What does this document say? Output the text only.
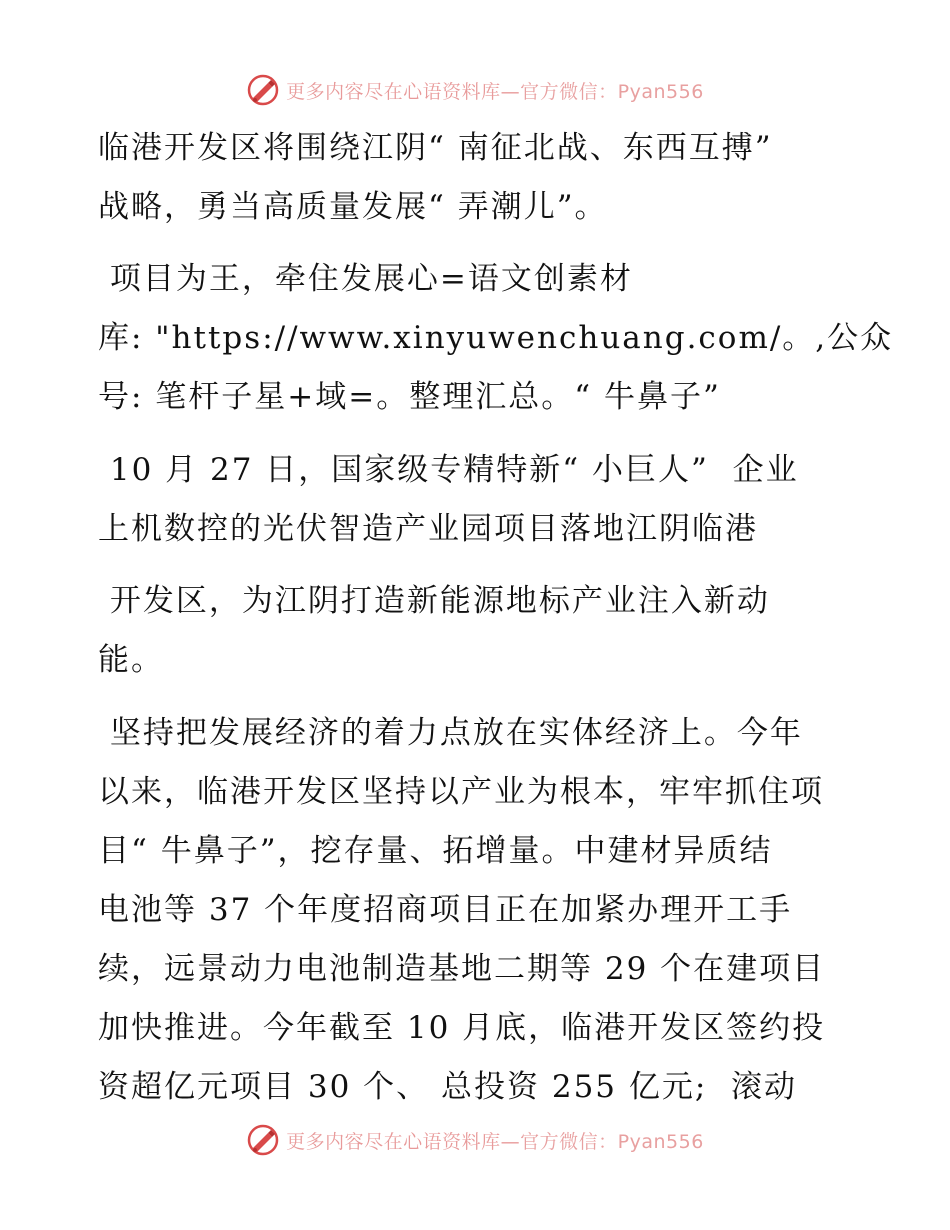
更多内容尽在心语资料库—官方微信：Pyan556
临港开发区将围绕江阴“ 南征北战、东西互搏”
战略，勇当高质量发展“ 弄潮儿”。
项目为王，牵住发展心=语文创素材
库: "https://www.xinyuwenchuang.com/。,公众
号: 笔杆子星+域=。整理汇总。“ 牛鼻子”
10 月 27 日，国家级专精特新“ 小巨人”  企业
上机数控的光伏智造产业园项目落地江阴临港
开发区，为江阴打造新能源地标产业注入新动
能。
坚持把发展经济的着力点放在实体经济上。今年
以来，临港开发区坚持以产业为根本，牢牢抓住项
目“ 牛鼻子”，挖存量、拓增量。中建材异质结
电池等 37 个年度招商项目正在加紧办理开工手
续，远景动力电池制造基地二期等 29 个在建项目
加快推进。今年截至 10 月底，临港开发区签约投
资超亿元项目 30 个、 总投资 255 亿元;  滚动
更多内容尽在心语资料库—官方微信：Pyan556
